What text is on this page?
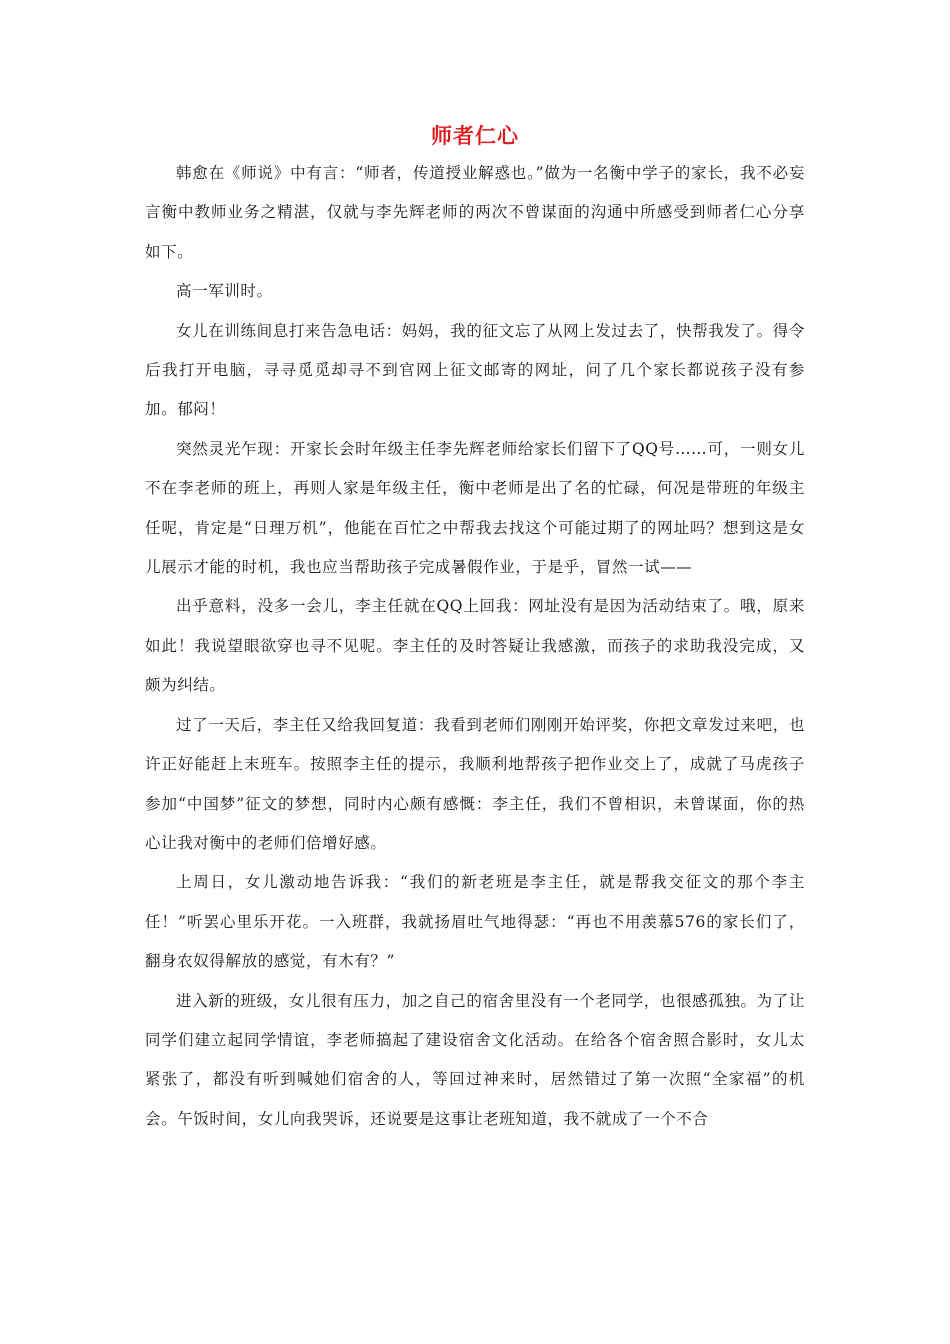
师者仁心

韩愈在《师说》中有言：“师者，传道授业解惑也。”做为一名衡中学子的家长，我不必妄言衡中教师业务之精湛，仅就与李先辉老师的两次不曾谋面的沟通中所感受到师者仁心分享如下。

高一军训时。

女儿在训练间息打来告急电话：妈妈，我的征文忘了从网上发过去了，快帮我发了。得令后我打开电脑，寻寻觅觅却寻不到官网上征文邮寄的网址，问了几个家长都说孩子没有参加。郁闷！

突然灵光乍现：开家长会时年级主任李先辉老师给家长们留下了QQ号……可，一则女儿不在李老师的班上，再则人家是年级主任，衡中老师是出了名的忙碌，何况是带班的年级主任呢，肯定是“日理万机”，他能在百忙之中帮我去找这个可能过期了的网址吗？想到这是女儿展示才能的时机，我也应当帮助孩子完成暑假作业，于是乎，冒然一试——

出乎意料，没多一会儿，李主任就在QQ上回我：网址没有是因为活动结束了。哦，原来如此！我说望眼欲穿也寻不见呢。李主任的及时答疑让我感激，而孩子的求助我没完成，又颇为纠结。

过了一天后，李主任又给我回复道：我看到老师们刚刚开始评奖，你把文章发过来吧，也许正好能赶上末班车。按照李主任的提示，我顺利地帮孩子把作业交上了，成就了马虎孩子参加“中国梦”征文的梦想，同时内心颇有感慨：李主任，我们不曾相识，未曾谋面，你的热心让我对衡中的老师们倍增好感。

上周日，女儿激动地告诉我：“我们的新老班是李主任，就是帮我交征文的那个李主任！”听罢心里乐开花。一入班群，我就扬眉吐气地得瑟：“再也不用羡慕576的家长们了，翻身农奴得解放的感觉，有木有？”

进入新的班级，女儿很有压力，加之自己的宿舍里没有一个老同学，也很感孤独。为了让同学们建立起同学情谊，李老师搞起了建设宿舍文化活动。在给各个宿舍照合影时，女儿太紧张了，都没有听到喊她们宿舍的人，等回过神来时，居然错过了第一次照“全家福”的机会。午饭时间，女儿向我哭诉，还说要是这事让老班知道，我不就成了一个不合
